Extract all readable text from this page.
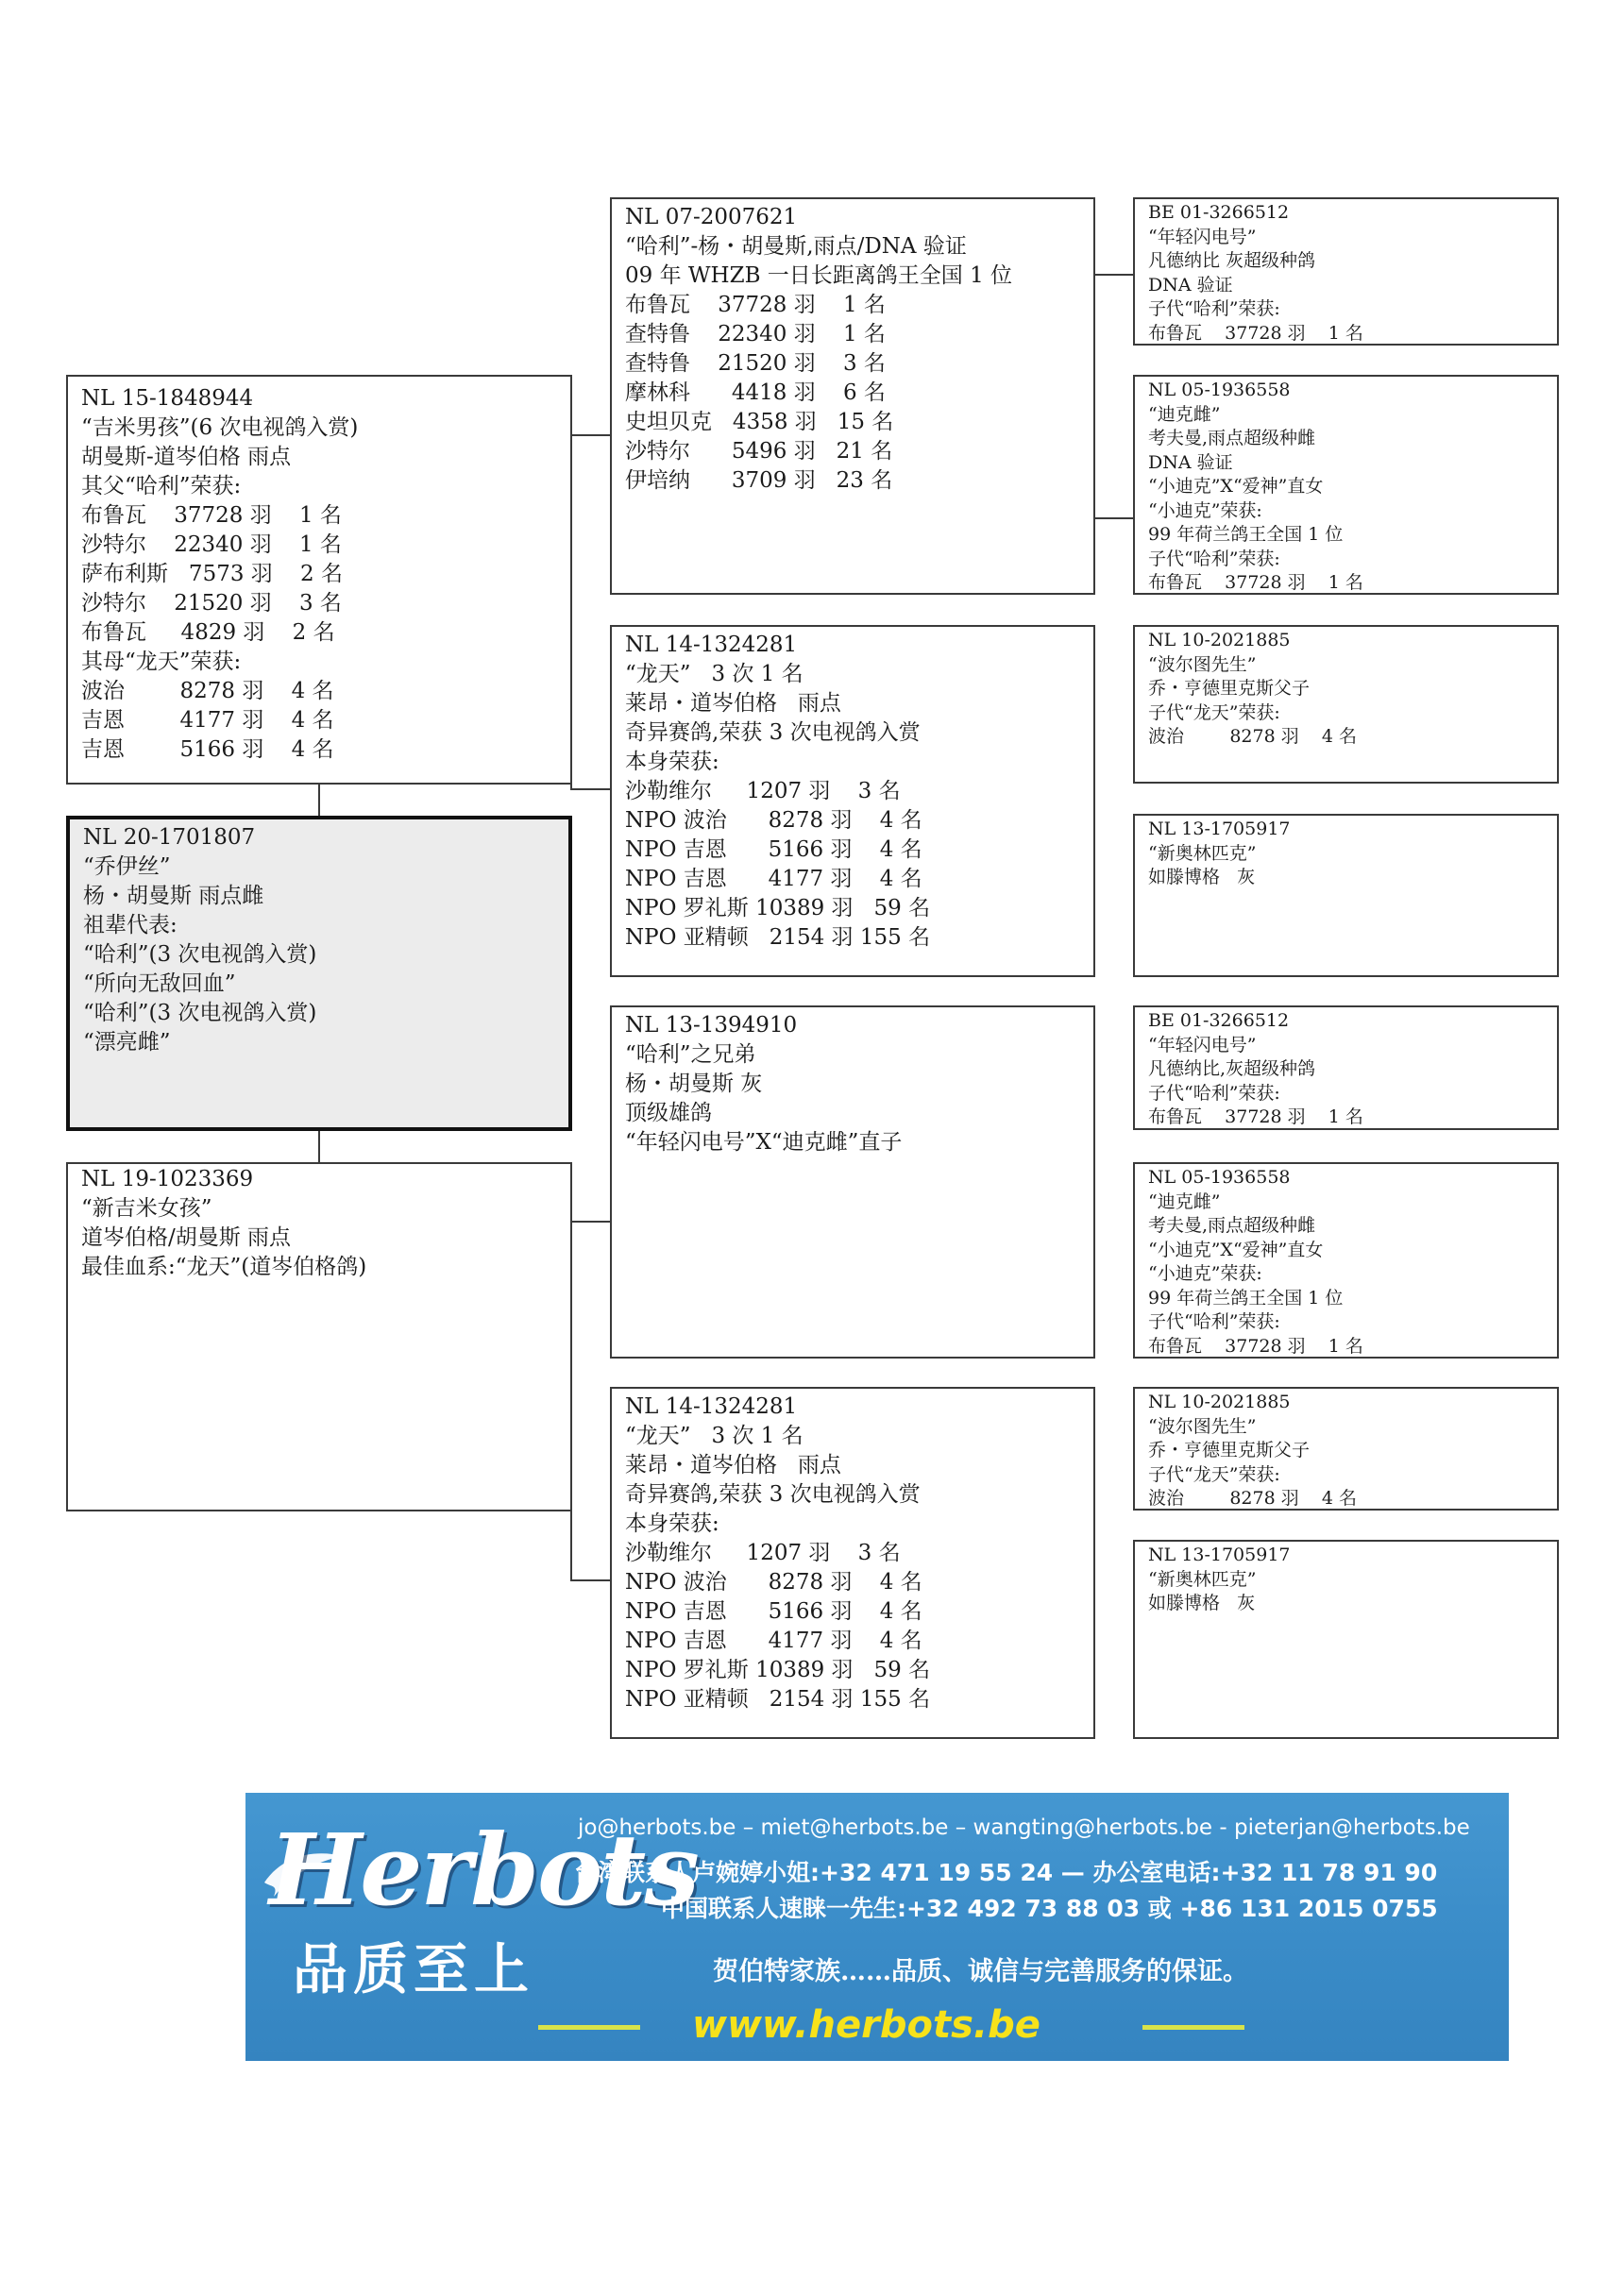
NL 15-1848944
“吉米男孩”(6 次电视鸽入赏)
胡曼斯-道岑伯格 雨点
其父“哈利”荣获:
布鲁瓦    37728 羽    1 名
沙特尔    22340 羽    1 名
萨布利斯   7573 羽    2 名
沙特尔    21520 羽    3 名
布鲁瓦     4829 羽    2 名
其母“龙天”荣获:
波治        8278 羽    4 名
吉恩        4177 羽    4 名
吉恩        5166 羽    4 名
NL 20-1701807
“乔伊丝”
杨・胡曼斯 雨点雌
祖辈代表:
“哈利”(3 次电视鸽入赏)
“所向无敌回血”
“哈利”(3 次电视鸽入赏)
“漂亮雌”
NL 19-1023369
“新吉米女孩”
道岑伯格/胡曼斯 雨点
最佳血系:“龙天”(道岑伯格鸽)
NL 07-2007621
“哈利”-杨・胡曼斯,雨点/DNA 验证
09 年 WHZB 一日长距离鸽王全国 1 位
布鲁瓦    37728 羽    1 名
查特鲁    22340 羽    1 名
查特鲁    21520 羽    3 名
摩林科      4418 羽    6 名
史坦贝克   4358 羽   15 名
沙特尔      5496 羽   21 名
伊培纳      3709 羽   23 名
NL 14-1324281
“龙天”   3 次 1 名
莱昂・道岑伯格   雨点
奇异赛鸽,荣获 3 次电视鸽入赏
本身荣获:
沙勒维尔     1207 羽    3 名
NPO 波治      8278 羽    4 名
NPO 吉恩      5166 羽    4 名
NPO 吉恩      4177 羽    4 名
NPO 罗礼斯 10389 羽   59 名
NPO 亚精顿   2154 羽 155 名
NL 13-1394910
“哈利”之兄弟
杨・胡曼斯 灰
顶级雄鸽
“年轻闪电号”X“迪克雌”直子
NL 14-1324281
“龙天”   3 次 1 名
莱昂・道岑伯格   雨点
奇异赛鸽,荣获 3 次电视鸽入赏
本身荣获:
沙勒维尔     1207 羽    3 名
NPO 波治      8278 羽    4 名
NPO 吉恩      5166 羽    4 名
NPO 吉恩      4177 羽    4 名
NPO 罗礼斯 10389 羽   59 名
NPO 亚精顿   2154 羽 155 名
BE 01-3266512
“年轻闪电号”
凡德纳比 灰超级种鸽
DNA 验证
子代“哈利”荣获:
布鲁瓦    37728 羽    1 名
NL 05-1936558
“迪克雌”
考夫曼,雨点超级种雌
DNA 验证
“小迪克”X“爱神”直女
“小迪克”荣获:
99 年荷兰鸽王全国 1 位
子代“哈利”荣获:
布鲁瓦    37728 羽    1 名
NL 10-2021885
“波尔图先生”
乔・亨德里克斯父子
子代“龙天”荣获:
波治        8278 羽    4 名
NL 13-1705917
“新奥林匹克”
如滕博格   灰
BE 01-3266512
“年轻闪电号”
凡德纳比,灰超级种鸽
子代“哈利”荣获:
布鲁瓦    37728 羽    1 名
NL 05-1936558
“迪克雌”
考夫曼,雨点超级种雌
“小迪克”X“爱神”直女
“小迪克”荣获:
99 年荷兰鸽王全国 1 位
子代“哈利”荣获:
布鲁瓦    37728 羽    1 名
NL 10-2021885
“波尔图先生”
乔・亨德里克斯父子
子代“龙天”荣获:
波治        8278 羽    4 名
NL 13-1705917
“新奥林匹克”
如滕博格   灰
Herbots
品质至上
jo@herbots.be – miet@herbots.be – wangting@herbots.be - pieterjan@herbots.be
台湾联系人卢婉婷小姐:+32 471 19 55 24 — 办公室电话:+32 11 78 91 90
中国联系人速睐一先生:+32 492 73 88 03 或 +86 131 2015 0755
贺伯特家族……品质、诚信与完善服务的保证。
www.herbots.be
